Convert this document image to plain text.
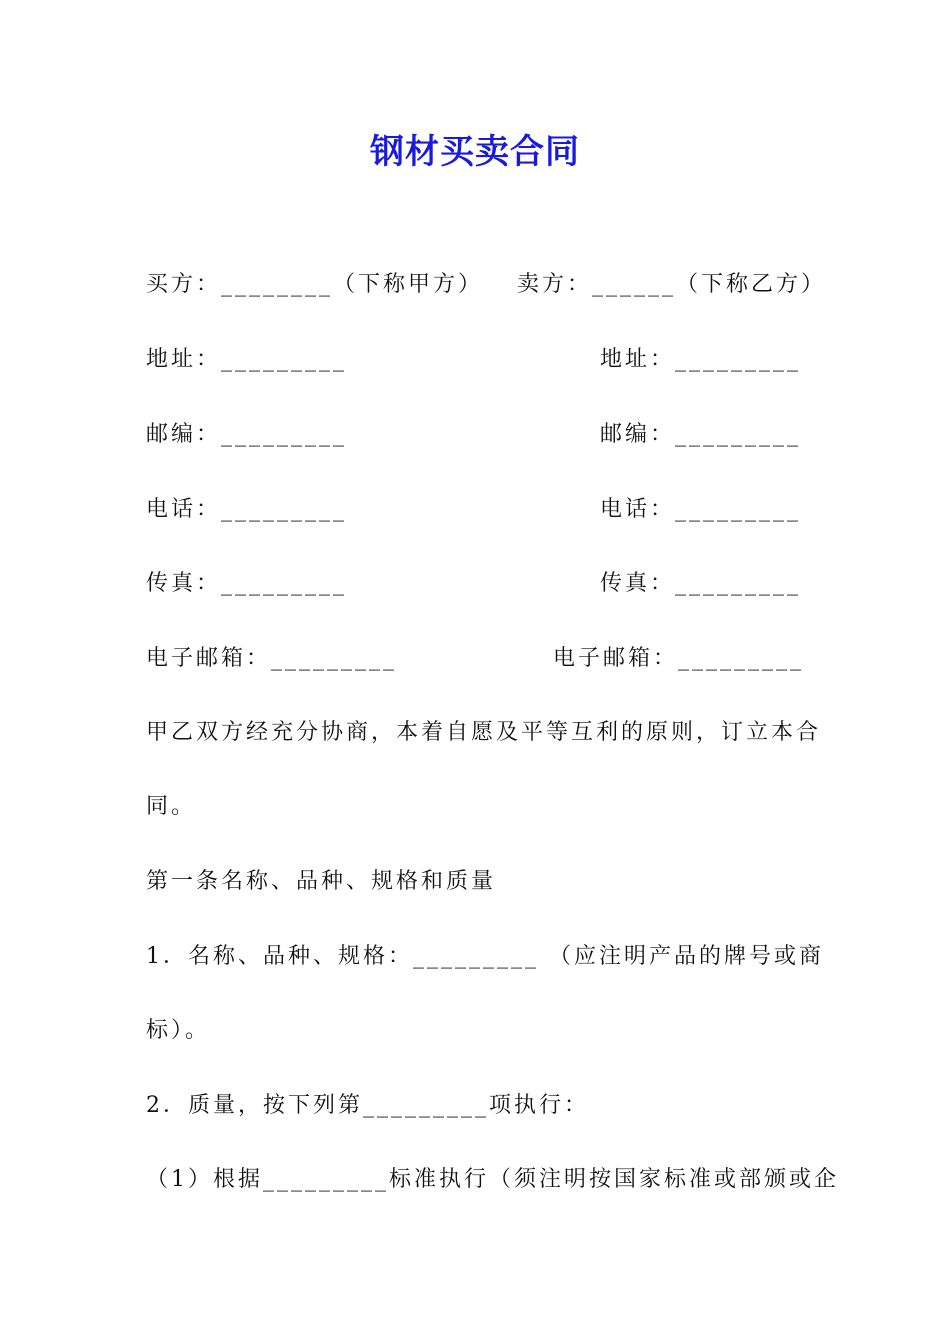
钢材买卖合同
买方：________（下称甲方） 卖方：______（下称乙方）
地址：_________	地址：_________
邮编：_________	邮编：_________
电话：_________	电话：_________
传真：_________	传真：_________
电子邮箱：_________	电子邮箱：_________
甲乙双方经充分协商，本着自愿及平等互利的原则，订立本合
同。
第一条名称、品种、规格和质量
1．名称、品种、规格：_________ （应注明产品的牌号或商
标）。
2．质量，按下列第_________项执行：
（1）根据_________标准执行（须注明按国家标准或部颁或企
